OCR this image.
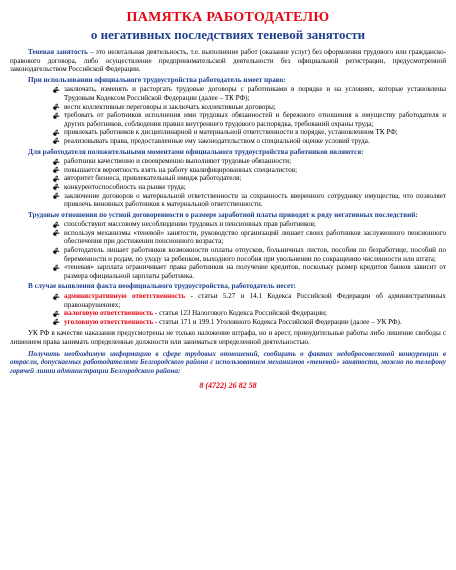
ПАМЯТКА РАБОТОДАТЕЛЮ
о негативных последствиях теневой занятости

Теневая занятость – это нелегальная деятельность, т.е. выполнение работ (оказание услуг) без оформления трудового или гражданско-правового договора, либо осуществление предпринимательской деятельности без официальной регистрации, предусмотренной законодательством Российской Федерации.

При использовании официального трудоустройства работодатель имеет право:
заключать, изменять и расторгать трудовые договоры с работниками в порядке и на условиях, которые установлены Трудовым Кодексом Российской Федерации (далее – ТК РФ);
вести коллективные переговоры и заключать коллективные договоры;
требовать от работников исполнения ими трудовых обязанностей и бережного отношения к имуществу работодателя и других работников, соблюдения правил внутреннего трудового распорядка, требований охраны труда;
привлекать работников к дисциплинарной и материальной ответственности в порядке, установленном ТК РФ;
реализовывать права, предоставленные ему законодательством о специальной оценке условий труда.
Для работодателя положительными моментами официального трудоустройства работников являются:
работники качественно и своевременно выполняют трудовые обязанности;
повышается вероятность взять на работу квалифицированных специалистов;
авторитет бизнеса, привлекательный имидж работодателя;
конкурентоспособность на рынке труда;
заключение договоров о материальной ответственности за сохранность вверенного сотруднику имущества, что позволяет привлечь виновных работников к материальной ответственности.
Трудовые отношения по устной договоренности о размере заработной платы приводят к ряду негативных последствий:
способствуют массовому несоблюдению трудовых и пенсионных прав работников;
используя механизмы «теневой» занятости, руководство организаций лишает своих работников заслуженного пенсионного обеспечения при достижении пенсионного возраста;
работодатель лишает работников возможности оплаты отпусков, больничных листов, пособия по безработице, пособий по беременности и родам, по уходу за ребенком, выходного пособия при увольнении по сокращению численности или штата;
«теневая» зарплата ограничивает права работников на получение кредитов, поскольку размер кредитов банков зависит от размера официальной зарплаты работника.
В случае выявления факта неофициального трудоустройства, работодатель несет:
административную ответственность - статьи 5.27 и 14.1 Кодекса Российской Федерации об административных правонарушениях;
налоговую ответственность - статья 123 Налогового Кодекса Российской Федерации;
уголовную ответственность - статьи 171 и 199.1 Уголовного Кодекса Российской Федерации (далее – УК РФ).

УК РФ в качестве наказания предусмотрены не только наложение штрафа, но и арест, принудительные работы либо лишение свободы с лишением права занимать определенные должности или заниматься определенной деятельностью.

Получить необходимую информацию в сфере трудовых отношений, сообщить о фактах недобросовестной конкуренции в отрасли, допускаемых работодателями Белгородского района с использованием механизмов «теневой» занятости, можно по телефону горячей линии администрации Белгородского района:
8 (4722) 26 82 58
